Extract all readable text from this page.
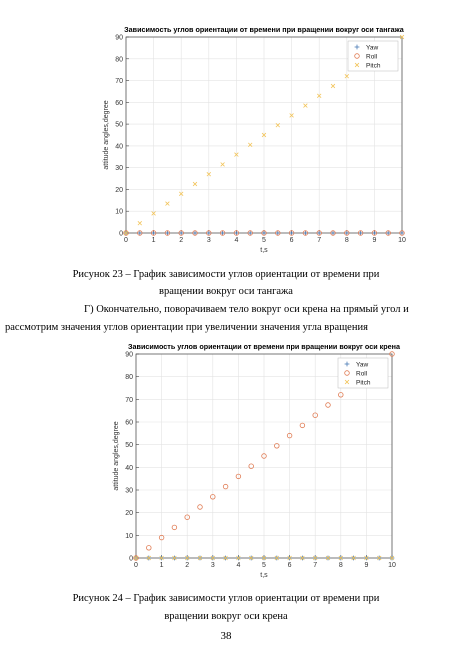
Зависимость углов ориентации от времени при вращении вокруг оси тангажа
0	1	2	3	4	5	6	7	8	9	10
0
10
20
30
40
50
60
70
80
90
t,s
attitude angles,degree
Yaw
Roll
Pitch
Рисунок 23 – График зависимости углов ориентации от времени при
вращении вокруг оси тангажа
Г) Окончательно, поворачиваем тело вокруг оси крена на прямый угол и
рассмотрим значения углов ориентации при увеличении значения угла вращения
Зависимость углов ориентации от времени при вращении вокруг оси крена
0	1	2	3	4	5	6	7	8	9	10
0
10
20
30
40
50
60
70
80
90
t,s
attitude angles,degree
Yaw
Roll
Pitch
Рисунок 24 – График зависимости углов ориентации от времени при
вращении вокруг оси крена
38
